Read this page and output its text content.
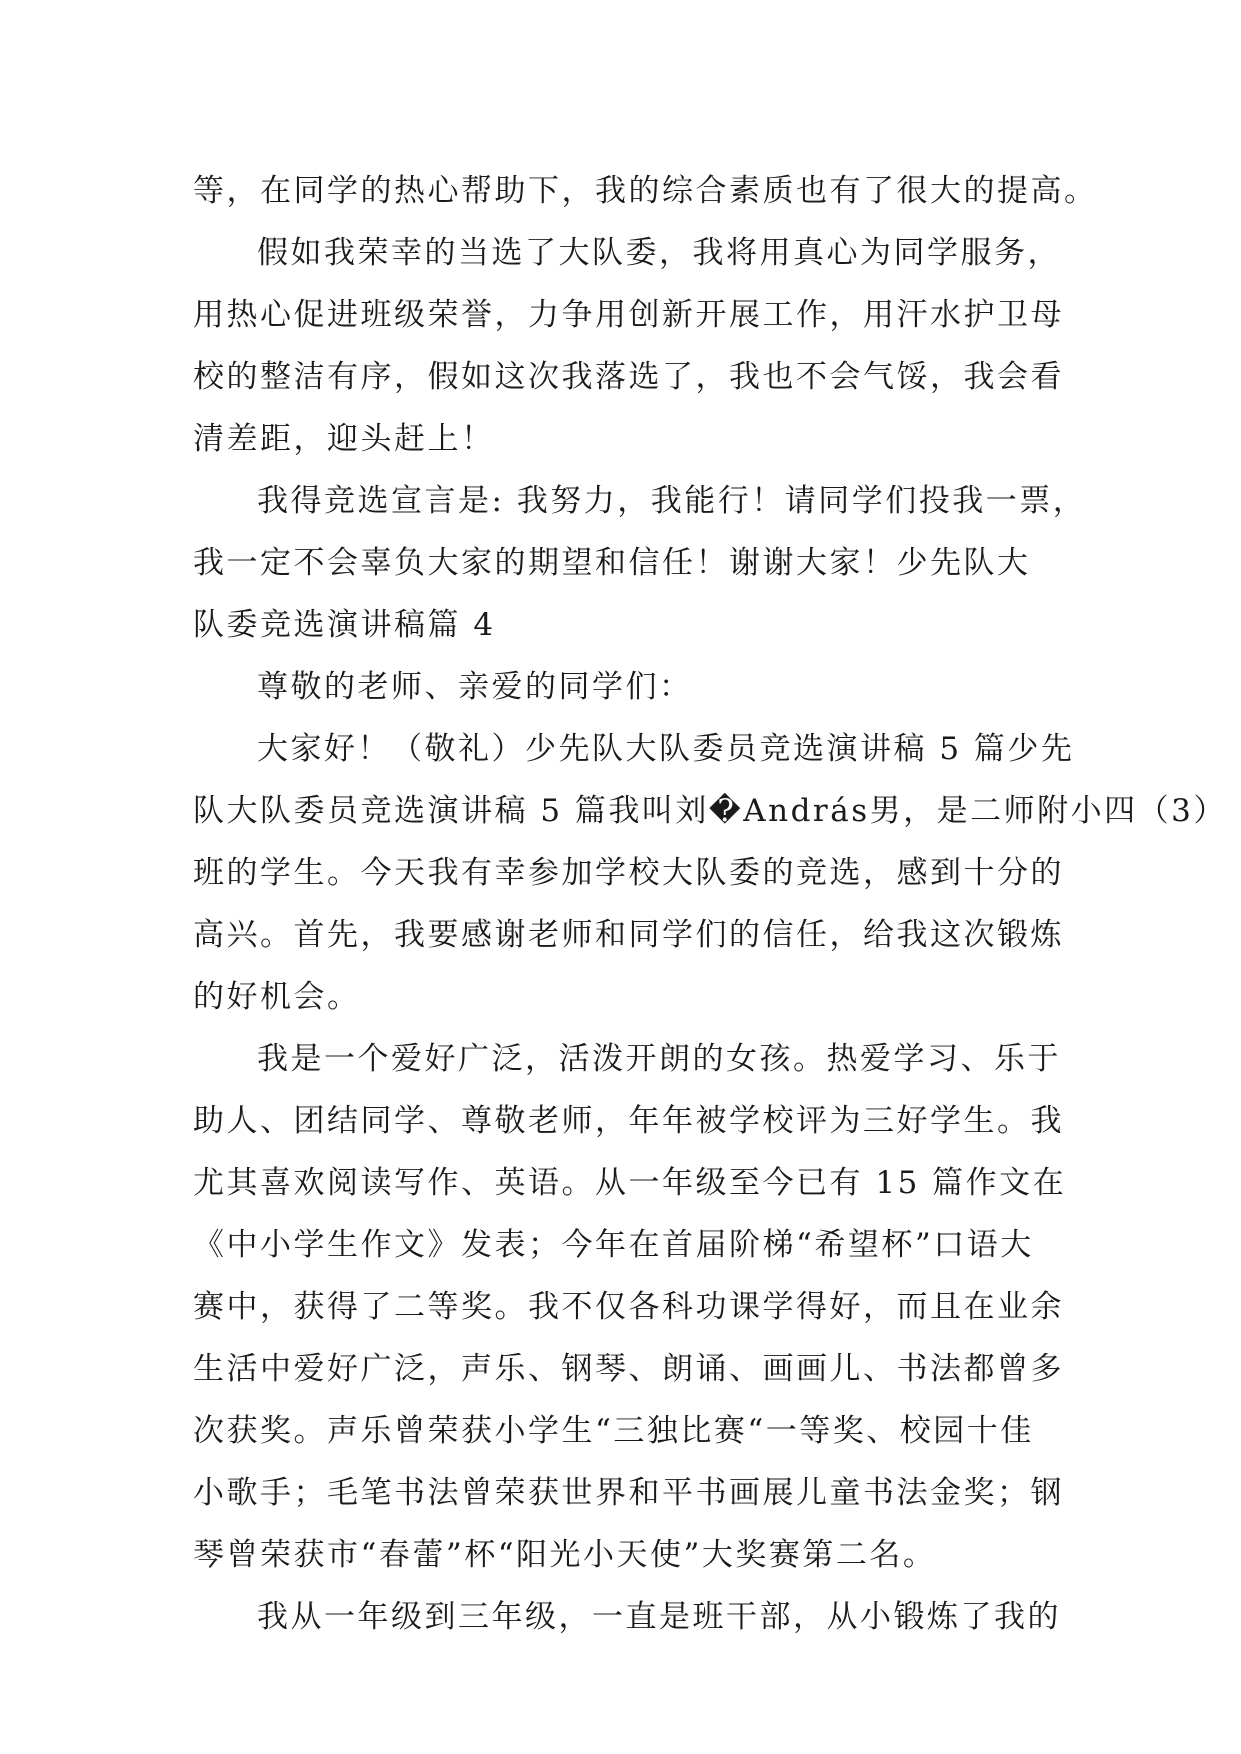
等，在同学的热心帮助下，我的综合素质也有了很大的提高。
假如我荣幸的当选了大队委，我将用真心为同学服务，
用热心促进班级荣誉，力争用创新开展工作，用汗水护卫母
校的整洁有序，假如这次我落选了，我也不会气馁，我会看
清差距，迎头赶上！
我得竞选宣言是: 我努力，我能行！请同学们投我一票，
我一定不会辜负大家的期望和信任！谢谢大家！少先队大
队委竞选演讲稿篇 4
尊敬的老师、亲爱的同学们：
大家好！（敬礼）少先队大队委员竞选演讲稿 5 篇少先
队大队委员竞选演讲稿 5 篇我叫刘�András男，是二师附小四（3）
班的学生。今天我有幸参加学校大队委的竞选，感到十分的
高兴。首先，我要感谢老师和同学们的信任，给我这次锻炼
的好机会。
我是一个爱好广泛，活泼开朗的女孩。热爱学习、乐于
助人、团结同学、尊敬老师，年年被学校评为三好学生。我
尤其喜欢阅读写作、英语。从一年级至今已有 15 篇作文在
《中小学生作文》发表；今年在首届阶梯“希望杯”口语大
赛中，获得了二等奖。我不仅各科功课学得好，而且在业余
生活中爱好广泛，声乐、钢琴、朗诵、画画儿、书法都曾多
次获奖。声乐曾荣获小学生“三独比赛“一等奖、校园十佳
小歌手；毛笔书法曾荣获世界和平书画展儿童书法金奖；钢
琴曾荣获市“春蕾”杯“阳光小天使”大奖赛第二名。
我从一年级到三年级，一直是班干部，从小锻炼了我的
